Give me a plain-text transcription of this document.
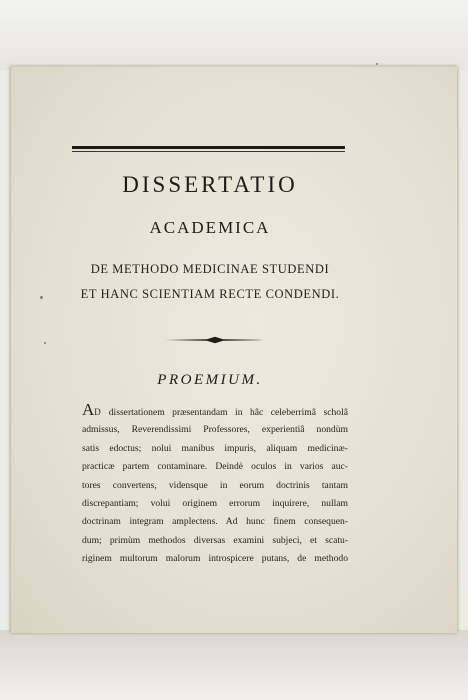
DISSERTATIO
ACADEMICA
DE METHODO MEDICINAE STUDENDI
ET HANC SCIENTIAM RECTE CONDENDI.
PROEMIUM.
AD dissertationem præsentandam in hâc celeberrimâ scholâ
admissus, Reverendissimi Professores, experientiâ nondùm
satis edoctus; nolui manibus impuris, aliquam medicinæ-
practicæ partem contaminare. Deindè oculos in varios auc-
tores convertens, vidensque in eorum doctrinis tantam
discrepantiam; volui originem errorum inquirere, nullam
doctrinam integram amplectens. Ad hunc finem consequen-
dum; primùm methodos diversas examini subjeci, et scatu-
riginem multorum malorum introspicere putans, de methodo
